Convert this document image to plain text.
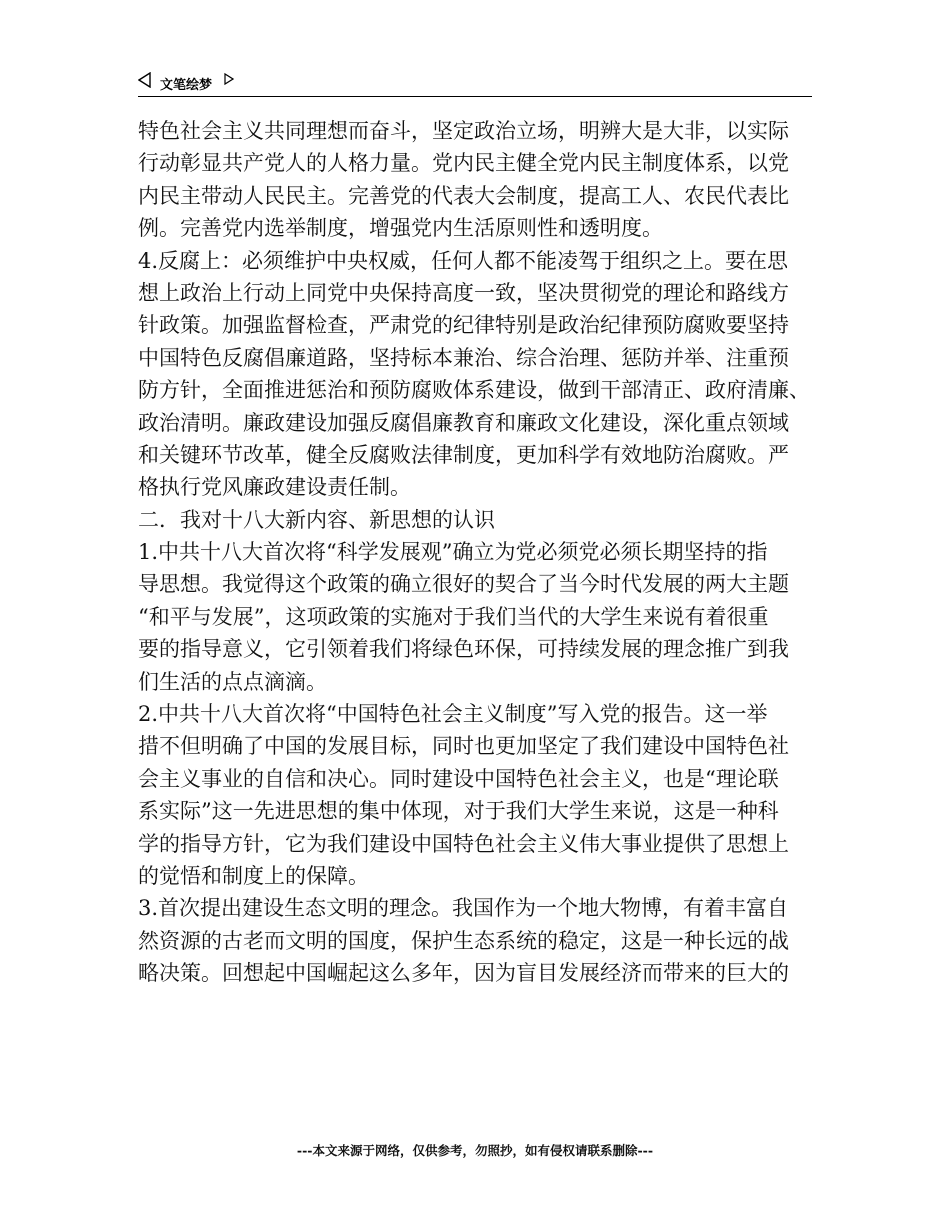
文笔绘梦
特色社会主义共同理想而奋斗，坚定政治立场，明辨大是大非，以实际
行动彰显共产党人的人格力量。党内民主健全党内民主制度体系，以党
内民主带动人民民主。完善党的代表大会制度，提高工人、农民代表比
例。完善党内选举制度，增强党内生活原则性和透明度。
4.反腐上：必须维护中央权威，任何人都不能凌驾于组织之上。要在思
想上政治上行动上同党中央保持高度一致，坚决贯彻党的理论和路线方
针政策。加强监督检查，严肃党的纪律特别是政治纪律预防腐败要坚持
中国特色反腐倡廉道路，坚持标本兼治、综合治理、惩防并举、注重预
防方针，全面推进惩治和预防腐败体系建设，做到干部清正、政府清廉、
政治清明。廉政建设加强反腐倡廉教育和廉政文化建设，深化重点领域
和关键环节改革，健全反腐败法律制度，更加科学有效地防治腐败。严
格执行党风廉政建设责任制。
二．我对十八大新内容、新思想的认识
1.中共十八大首次将“科学发展观”确立为党必须党必须长期坚持的指
导思想。我觉得这个政策的确立很好的契合了当今时代发展的两大主题
“和平与发展”，这项政策的实施对于我们当代的大学生来说有着很重
要的指导意义，它引领着我们将绿色环保，可持续发展的理念推广到我
们生活的点点滴滴。
2.中共十八大首次将“中国特色社会主义制度”写入党的报告。这一举
措不但明确了中国的发展目标，同时也更加坚定了我们建设中国特色社
会主义事业的自信和决心。同时建设中国特色社会主义，也是“理论联
系实际”这一先进思想的集中体现，对于我们大学生来说，这是一种科
学的指导方针，它为我们建设中国特色社会主义伟大事业提供了思想上
的觉悟和制度上的保障。
3.首次提出建设生态文明的理念。我国作为一个地大物博，有着丰富自
然资源的古老而文明的国度，保护生态系统的稳定，这是一种长远的战
略决策。回想起中国崛起这么多年，因为盲目发展经济而带来的巨大的
---本文来源于网络，仅供参考，勿照抄，如有侵权请联系删除---
